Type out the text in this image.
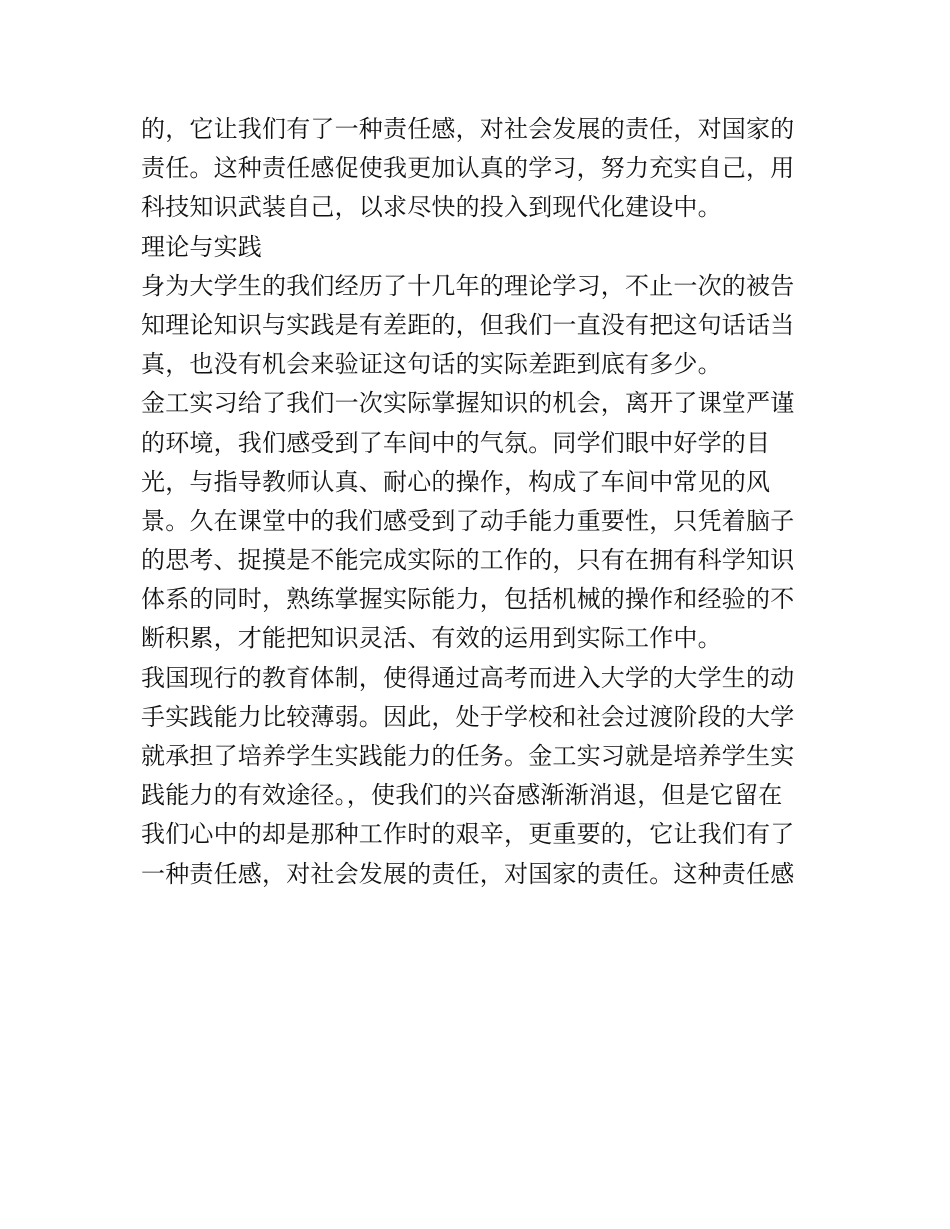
的，它让我们有了一种责任感，对社会发展的责任，对国家的
责任。这种责任感促使我更加认真的学习，努力充实自己，用
科技知识武装自己，以求尽快的投入到现代化建设中。
理论与实践
身为大学生的我们经历了十几年的理论学习，不止一次的被告
知理论知识与实践是有差距的，但我们一直没有把这句话话当
真，也没有机会来验证这句话的实际差距到底有多少。
金工实习给了我们一次实际掌握知识的机会，离开了课堂严谨
的环境，我们感受到了车间中的气氛。同学们眼中好学的目
光，与指导教师认真、耐心的操作，构成了车间中常见的风
景。久在课堂中的我们感受到了动手能力重要性，只凭着脑子
的思考、捉摸是不能完成实际的工作的，只有在拥有科学知识
体系的同时，熟练掌握实际能力，包括机械的操作和经验的不
断积累，才能把知识灵活、有效的运用到实际工作中。
我国现行的教育体制，使得通过高考而进入大学的大学生的动
手实践能力比较薄弱。因此，处于学校和社会过渡阶段的大学
就承担了培养学生实践能力的任务。金工实习就是培养学生实
践能力的有效途径。，使我们的兴奋感渐渐消退，但是它留在
我们心中的却是那种工作时的艰辛，更重要的，它让我们有了
一种责任感，对社会发展的责任，对国家的责任。这种责任感
